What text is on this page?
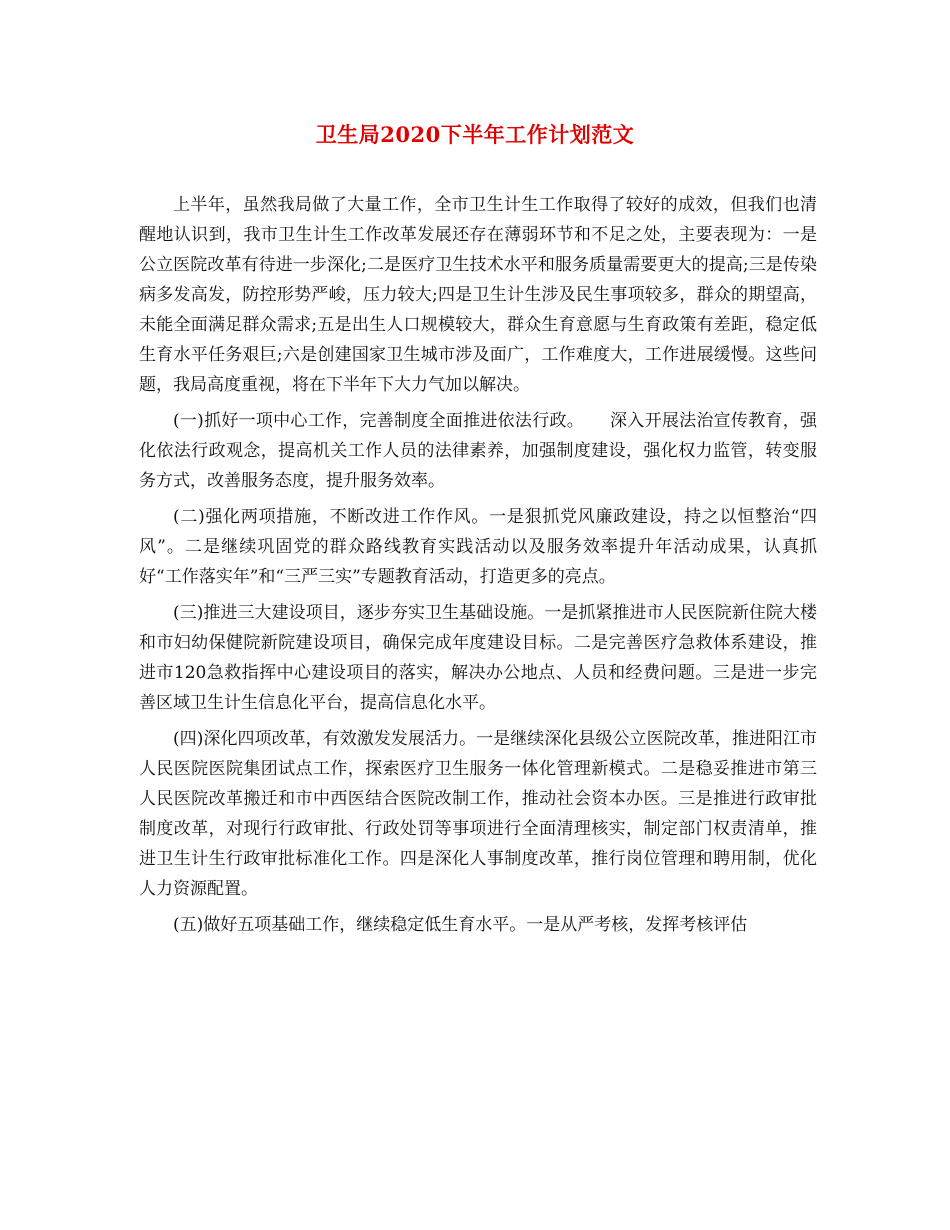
卫生局2020下半年工作计划范文

上半年，虽然我局做了大量工作，全市卫生计生工作取得了较好的成效，但我们也清醒地认识到，我市卫生计生工作改革发展还存在薄弱环节和不足之处，主要表现为：一是公立医院改革有待进一步深化;二是医疗卫生技术水平和服务质量需要更大的提高;三是传染病多发高发，防控形势严峻，压力较大;四是卫生计生涉及民生事项较多，群众的期望高，未能全面满足群众需求;五是出生人口规模较大，群众生育意愿与生育政策有差距，稳定低生育水平任务艰巨;六是创建国家卫生城市涉及面广，工作难度大，工作进展缓慢。这些问题，我局高度重视，将在下半年下大力气加以解决。

(一)抓好一项中心工作，完善制度全面推进依法行政。　　深入开展法治宣传教育，强化依法行政观念，提高机关工作人员的法律素养，加强制度建设，强化权力监管，转变服务方式，改善服务态度，提升服务效率。

(二)强化两项措施，不断改进工作作风。一是狠抓党风廉政建设，持之以恒整治“四风”。二是继续巩固党的群众路线教育实践活动以及服务效率提升年活动成果，认真抓好“工作落实年”和“三严三实”专题教育活动，打造更多的亮点。

(三)推进三大建设项目，逐步夯实卫生基础设施。一是抓紧推进市人民医院新住院大楼和市妇幼保健院新院建设项目，确保完成年度建设目标。二是完善医疗急救体系建设，推进市120急救指挥中心建设项目的落实，解决办公地点、人员和经费问题。三是进一步完善区域卫生计生信息化平台，提高信息化水平。

(四)深化四项改革，有效激发发展活力。一是继续深化县级公立医院改革，推进阳江市人民医院医院集团试点工作，探索医疗卫生服务一体化管理新模式。二是稳妥推进市第三人民医院改革搬迁和市中西医结合医院改制工作，推动社会资本办医。三是推进行政审批制度改革，对现行行政审批、行政处罚等事项进行全面清理核实，制定部门权责清单，推进卫生计生行政审批标准化工作。四是深化人事制度改革，推行岗位管理和聘用制，优化人力资源配置。

(五)做好五项基础工作，继续稳定低生育水平。一是从严考核，发挥考核评估
